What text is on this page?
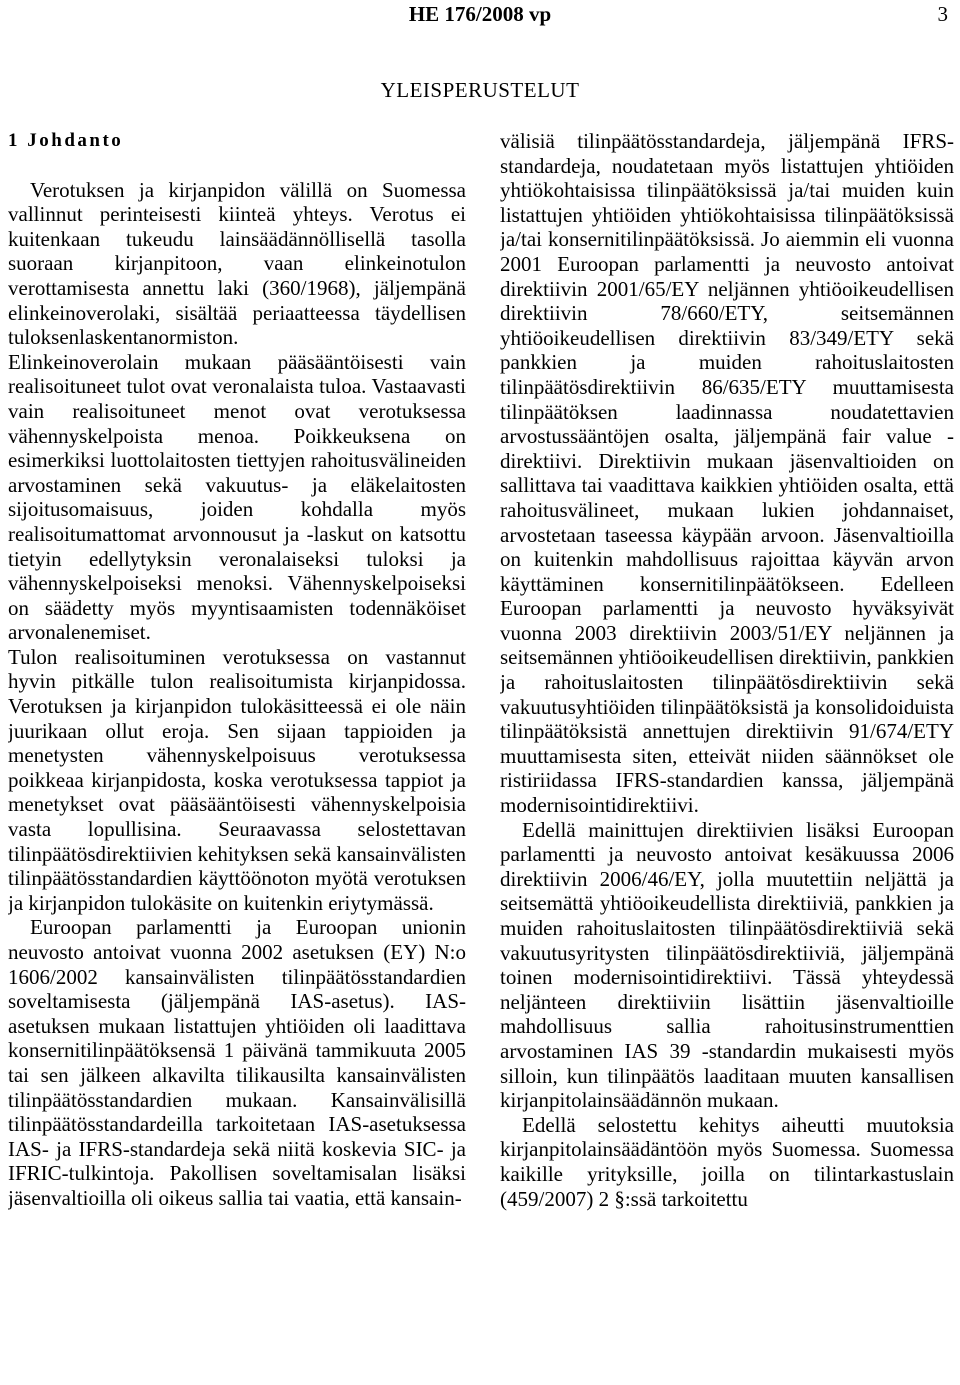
HE 176/2008 vp	3
YLEISPERUSTELUT
1 Johdanto

Verotuksen ja kirjanpidon välillä on Suomessa vallinnut perinteisesti kiinteä yhteys. Verotus ei kuitenkaan tukeudu lainsäädännöllisellä tasolla suoraan kirjanpitoon, vaan elinkeinotulon verottamisesta annettu laki (360/1968), jäljempänä elinkeinoverolaki, sisältää periaatteessa täydellisen tuloksenlaskentanormiston.

Elinkeinoverolain mukaan pääsääntöisesti vain realisoituneet tulot ovat veronalaista tuloa. Vastaavasti vain realisoituneet menot ovat verotuksessa vähennyskelpoista menoa. Poikkeuksena on esimerkiksi luottolaitosten tiettyjen rahoitusvälineiden arvostaminen sekä vakuutus- ja eläkelaitosten sijoitusomaisuus, joiden kohdalla myös realisoitumattomat arvonnousut ja -laskut on katsottu tietyin edellytyksin veronalaiseksi tuloksi ja vähennyskelpoiseksi menoksi. Vähennyskelpoiseksi on säädetty myös myyntisaamisten todennäköiset arvonalenemiset.

Tulon realisoituminen verotuksessa on vastannut hyvin pitkälle tulon realisoitumista kirjanpidossa. Verotuksen ja kirjanpidon tulokäsitteessä ei ole näin juurikaan ollut eroja. Sen sijaan tappioiden ja menetysten vähennyskelpoisuus verotuksessa poikkeaa kirjanpidosta, koska verotuksessa tappiot ja menetykset ovat pääsääntöisesti vähennyskelpoisia vasta lopullisina. Seuraavassa selostettavan tilinpäätösdirektiivien kehityksen sekä kansainvälisten tilinpäätösstandardien käyttöönoton myötä verotuksen ja kirjanpidon tulokäsite on kuitenkin eriytymässä.

Euroopan parlamentti ja Euroopan unionin neuvosto antoivat vuonna 2002 asetuksen (EY) N:o 1606/2002 kansainvälisten tilinpäätösstandardien soveltamisesta (jäljempänä IAS-asetus). IAS-asetuksen mukaan listattujen yhtiöiden oli laadittava konsernitilinpäätöksensä 1 päivänä tammikuuta 2005 tai sen jälkeen alkavilta tilikausilta kansainvälisten tilinpäätösstandardien mukaan. Kansainvälisillä tilinpäätösstandardeilla tarkoitetaan IAS-asetuksessa IAS- ja IFRS-standardeja sekä niitä koskevia SIC- ja IFRIC-tulkintoja. Pakollisen soveltamisalan lisäksi jäsenvaltioilla oli oikeus sallia tai vaatia, että kansain-

välisiä tilinpäätösstandardeja, jäljempänä IFRS-standardeja, noudatetaan myös listattujen yhtiöiden yhtiökohtaisissa tilinpäätöksissä ja/tai muiden kuin listattujen yhtiöiden yhtiökohtaisissa tilinpäätöksissä ja/tai konsernitilinpäätöksissä. Jo aiemmin eli vuonna 2001 Euroopan parlamentti ja neuvosto antoivat direktiivin 2001/65/EY neljännen yhtiöoikeudellisen direktiivin 78/660/ETY, seitsemännen yhtiöoikeudellisen direktiivin 83/349/ETY sekä pankkien ja muiden rahoituslaitosten tilinpäätösdirektiivin 86/635/ETY muuttamisesta tilinpäätöksen laadinnassa noudatettavien arvostussääntöjen osalta, jäljempänä fair value -direktiivi. Direktiivin mukaan jäsenvaltioiden on sallittava tai vaadittava kaikkien yhtiöiden osalta, että rahoitusvälineet, mukaan lukien johdannaiset, arvostetaan taseessa käypään arvoon. Jäsenvaltioilla on kuitenkin mahdollisuus rajoittaa käyvän arvon käyttäminen konsernitilinpäätökseen. Edelleen Euroopan parlamentti ja neuvosto hyväksyivät vuonna 2003 direktiivin 2003/51/EY neljännen ja seitsemännen yhtiöoikeudellisen direktiivin, pankkien ja rahoituslaitosten tilinpäätösdirektiivin sekä vakuutusyhtiöiden tilinpäätöksistä ja konsolidoiduista tilinpäätöksistä annettujen direktiivin 91/674/ETY muuttamisesta siten, etteivät niiden säännökset ole ristiriidassa IFRS-standardien kanssa, jäljempänä modernisointidirektiivi.

Edellä mainittujen direktiivien lisäksi Euroopan parlamentti ja neuvosto antoivat kesäkuussa 2006 direktiivin 2006/46/EY, jolla muutettiin neljättä ja seitsemättä yhtiöoikeudellista direktiiviä, pankkien ja muiden rahoituslaitosten tilinpäätösdirektiiviä sekä vakuutusyritysten tilinpäätösdirektiiviä, jäljempänä toinen modernisointidirektiivi. Tässä yhteydessä neljänteen direktiiviin lisättiin jäsenvaltioille mahdollisuus sallia rahoitusinstrumenttien arvostaminen IAS 39 -standardin mukaisesti myös silloin, kun tilinpäätös laaditaan muuten kansallisen kirjanpitolainsäädännön mukaan.

Edellä selostettu kehitys aiheutti muutoksia kirjanpitolainsäädäntöön myös Suomessa. Suomessa kaikille yrityksille, joilla on tilintarkastuslain (459/2007) 2 §:ssä tarkoitettu
